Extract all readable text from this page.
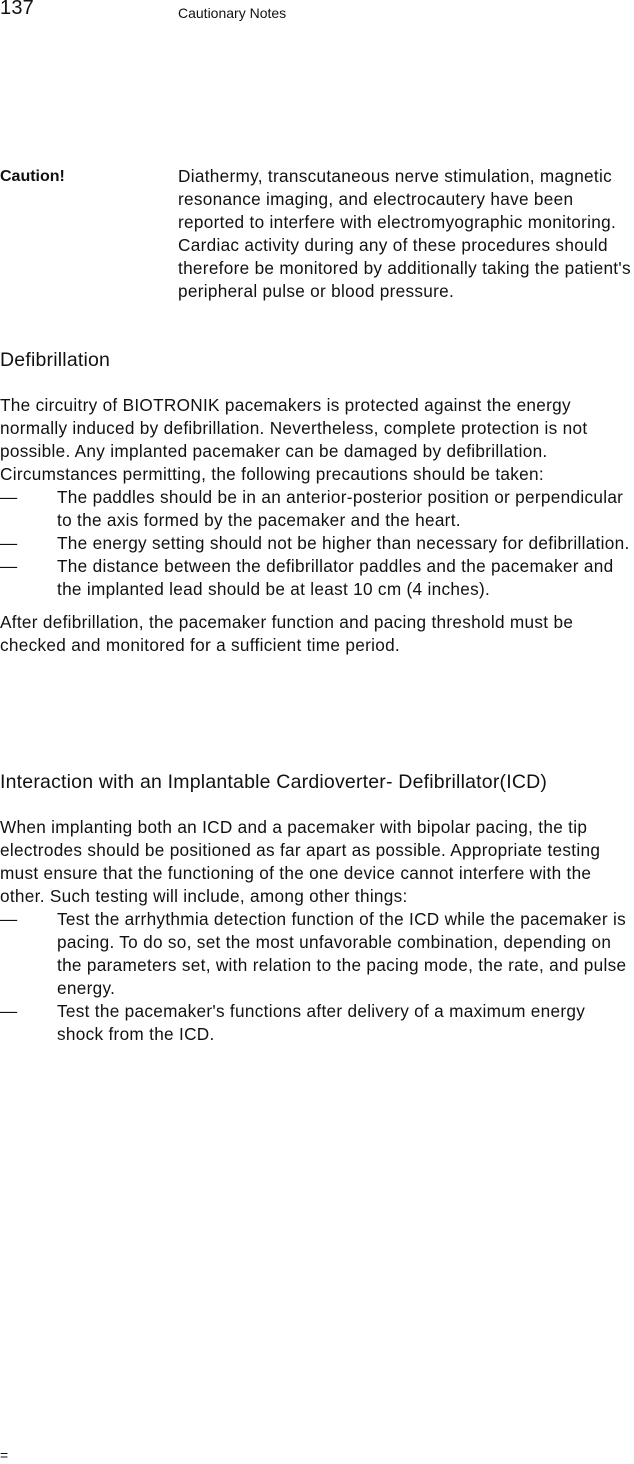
137	Cautionary Notes
Caution!	Diathermy, transcutaneous nerve stimulation, magnetic resonance imaging, and electrocautery have been reported to interfere with electromyographic monitoring. Cardiac activity during any of these procedures should therefore be monitored by additionally taking the patient's peripheral pulse or blood pressure.
Defibrillation

The circuitry of BIOTRONIK pacemakers is protected against the energy normally induced by defibrillation. Nevertheless, complete protection is not possible. Any implanted pacemaker can be damaged by defibrillation. Circumstances permitting, the following precautions should be taken:

— The paddles should be in an anterior-posterior position or perpendicular to the axis formed by the pacemaker and the heart.
— The energy setting should not be higher than necessary for defibrillation.
— The distance between the defibrillator paddles and the pacemaker and the implanted lead should be at least 10 cm (4 inches).

After defibrillation, the pacemaker function and pacing threshold must be checked and monitored for a sufficient time period.

Interaction with an Implantable Cardioverter- Defibrillator(ICD)

When implanting both an ICD and a pacemaker with bipolar pacing, the tip electrodes should be positioned as far apart as possible. Appropriate testing must ensure that the functioning of the one device cannot interfere with the other. Such testing will include, among other things:

— Test the arrhythmia detection function of the ICD while the pacemaker is pacing. To do so, set the most unfavorable combination, depending on the parameters set, with relation to the pacing mode, the rate, and pulse energy.
— Test the pacemaker's functions after delivery of a maximum energy shock from the ICD.
=
